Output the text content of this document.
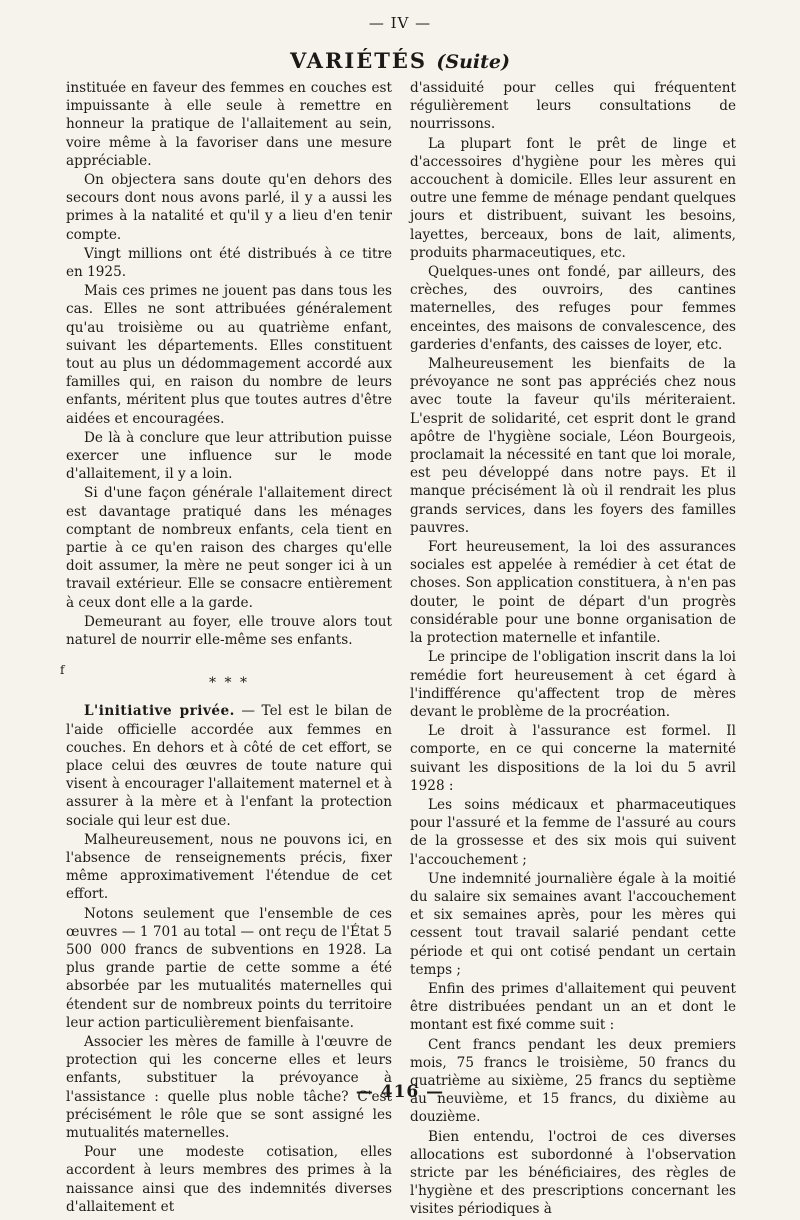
— IV —
VARIÉTÉS (Suite)

instituée en faveur des femmes en couches est impuissante à elle seule à remettre en honneur la pratique de l'allaitement au sein, voire même à la favoriser dans une mesure appréciable.

On objectera sans doute qu'en dehors des secours dont nous avons parlé, il y a aussi les primes à la natalité et qu'il y a lieu d'en tenir compte.

Vingt millions ont été distribués à ce titre en 1925.

Mais ces primes ne jouent pas dans tous les cas. Elles ne sont attribuées généralement qu'au troisième ou au quatrième enfant, suivant les départements. Elles constituent tout au plus un dédommagement accordé aux familles qui, en raison du nombre de leurs enfants, méritent plus que toutes autres d'être aidées et encouragées.

De là à conclure que leur attribution puisse exercer une influence sur le mode d'allaitement, il y a loin.

Si d'une façon générale l'allaitement direct est davantage pratiqué dans les ménages comptant de nombreux enfants, cela tient en partie à ce qu'en raison des charges qu'elle doit assumer, la mère ne peut songer ici à un travail extérieur. Elle se consacre entièrement à ceux dont elle a la garde.

Demeurant au foyer, elle trouve alors tout naturel de nourrir elle-même ses enfants.

f
* * *

L'initiative privée. — Tel est le bilan de l'aide officielle accordée aux femmes en couches. En dehors et à côté de cet effort, se place celui des œuvres de toute nature qui visent à encourager l'allaitement maternel et à assurer à la mère et à l'enfant la protection sociale qui leur est due.

Malheureusement, nous ne pouvons ici, en l'absence de renseignements précis, fixer même approximativement l'étendue de cet effort.

Notons seulement que l'ensemble de ces œuvres — 1 701 au total — ont reçu de l'État 5 500 000 francs de subventions en 1928. La plus grande partie de cette somme a été absorbée par les mutualités maternelles qui étendent sur de nombreux points du territoire leur action particulièrement bienfaisante.

Associer les mères de famille à l'œuvre de protection qui les concerne elles et leurs enfants, substituer la prévoyance à l'assistance : quelle plus noble tâche? C'est précisément le rôle que se sont assigné les mutualités maternelles.

Pour une modeste cotisation, elles accordent à leurs membres des primes à la naissance ainsi que des indemnités diverses d'allaitement et

d'assiduité pour celles qui fréquentent régulièrement leurs consultations de nourrissons.

La plupart font le prêt de linge et d'accessoires d'hygiène pour les mères qui accouchent à domicile. Elles leur assurent en outre une femme de ménage pendant quelques jours et distribuent, suivant les besoins, layettes, berceaux, bons de lait, aliments, produits pharmaceutiques, etc.

Quelques-unes ont fondé, par ailleurs, des crèches, des ouvroirs, des cantines maternelles, des refuges pour femmes enceintes, des maisons de convalescence, des garderies d'enfants, des caisses de loyer, etc.

Malheureusement les bienfaits de la prévoyance ne sont pas appréciés chez nous avec toute la faveur qu'ils mériteraient. L'esprit de solidarité, cet esprit dont le grand apôtre de l'hygiène sociale, Léon Bourgeois, proclamait la nécessité en tant que loi morale, est peu développé dans notre pays. Et il manque précisément là où il rendrait les plus grands services, dans les foyers des familles pauvres.

Fort heureusement, la loi des assurances sociales est appelée à remédier à cet état de choses. Son application constituera, à n'en pas douter, le point de départ d'un progrès considérable pour une bonne organisation de la protection maternelle et infantile.

Le principe de l'obligation inscrit dans la loi remédie fort heureusement à cet égard à l'indifférence qu'affectent trop de mères devant le problème de la procréation.

Le droit à l'assurance est formel. Il comporte, en ce qui concerne la maternité suivant les dispositions de la loi du 5 avril 1928 :

Les soins médicaux et pharmaceutiques pour l'assuré et la femme de l'assuré au cours de la grossesse et des six mois qui suivent l'accouchement ;

Une indemnité journalière égale à la moitié du salaire six semaines avant l'accouchement et six semaines après, pour les mères qui cessent tout travail salarié pendant cette période et qui ont cotisé pendant un certain temps ;

Enfin des primes d'allaitement qui peuvent être distribuées pendant un an et dont le montant est fixé comme suit :

Cent francs pendant les deux premiers mois, 75 francs le troisième, 50 francs du quatrième au sixième, 25 francs du septième au neuvième, et 15 francs, du dixième au douzième.

Bien entendu, l'octroi de ces diverses allocations est subordonné à l'observation stricte par les bénéficiaires, des règles de l'hygiène et des prescriptions concernant les visites périodiques à

— 416 —
